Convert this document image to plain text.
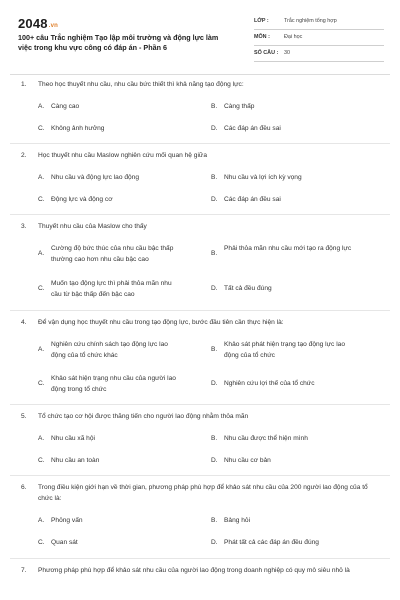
2048.vn
100+ câu Trắc nghiệm Tạo lập môi trường và động lực làm việc trong khu vực công có đáp án - Phần 6
LỚP :	Trắc nghiệm tổng hợp
MÔN :	Đại học
SỐ CÂU : 30
1. Theo học thuyết nhu cầu, nhu cầu bức thiết thì khả năng tạo động lực:
A. Càng cao	B. Càng thấp
C. Không ảnh hưởng	D. Các đáp án đều sai
2. Học thuyết nhu cầu Maslow nghiên cứu mối quan hệ giữa
A. Nhu cầu và động lực lao động	B. Nhu cầu và lợi ích kỳ vọng
C. Động lực và động cơ	D. Các đáp án đều sai
3. Thuyết nhu cầu của Maslow cho thấy
A.
Cường độ bức thúc của nhu cầu bậc thấp thường cao hơn nhu cầu bậc cao
B.
Phải thỏa mãn nhu cầu mới tạo ra động lực
C.
Muốn tạo động lực thì phải thỏa mãn nhu cầu từ bậc thấp đến bậc cao
D. Tất cả đều đúng
4. Để vận dụng học thuyết nhu cầu trong tạo động lực, bước đầu tiên cần thực hiện là:
A.
Nghiên cứu chính sách tạo động lực lao động của tổ chức khác
B.
Khảo sát phát hiện trạng tạo động lực lao động của tổ chức
C.
Khảo sát hiện trạng nhu cầu của người lao động trong tổ chức
D. Nghiên cứu lợi thế của tổ chức
5. Tổ chức tạo cơ hội được thăng tiến cho người lao động nhằm thỏa mãn
A. Nhu cầu xã hội	B. Nhu cầu được thể hiện mình
C. Nhu cầu an toàn	D. Nhu cầu cơ bản
6. Trong điều kiện giới hạn về thời gian, phương pháp phù hợp để khảo sát nhu cầu của 200 người lao động của tổ chức là:
A. Phỏng vấn	B. Bảng hỏi
C. Quan sát	D. Phát tất cả các đáp án đều đúng
7. Phương pháp phù hợp để khảo sát nhu cầu của người lao động trong doanh nghiệp có quy mô siêu nhỏ là
